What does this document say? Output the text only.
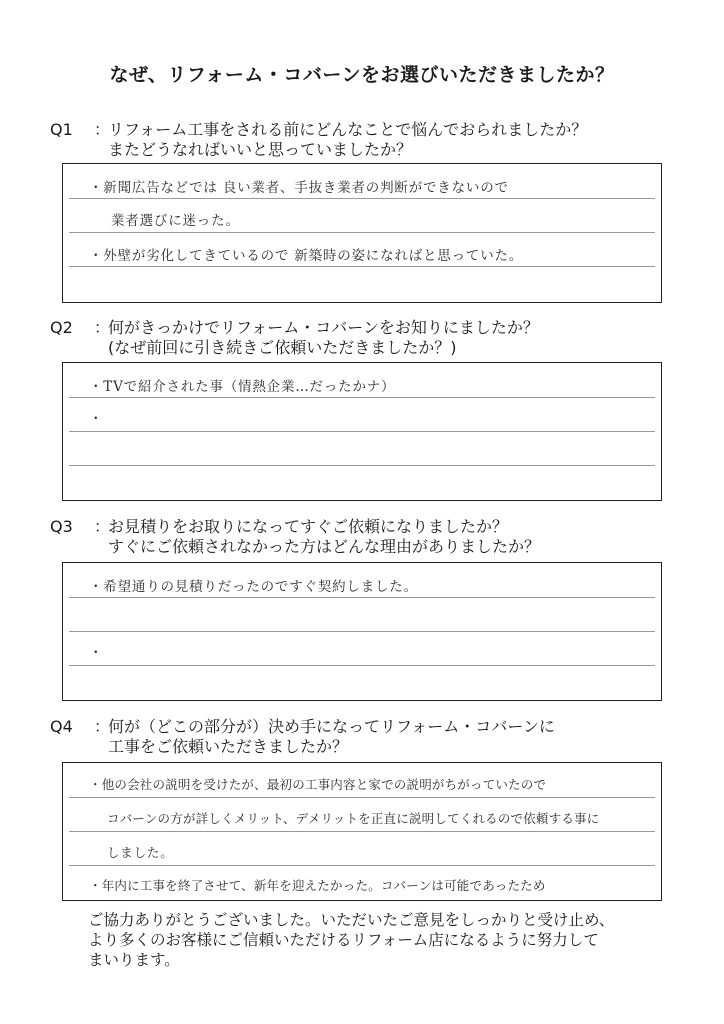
なぜ、リフォーム・コバーンをお選びいただきましたか？
Q1 ：リフォーム工事をされる前にどんなことで悩んでおられましたか？
またどうなればいいと思っていましたか？
・新聞広告などでは 良い業者、手抜き業者の判断ができないので
業者選びに迷った。
・外壁が劣化してきているので 新築時の姿になればと思っていた。
Q2 ：何がきっかけでリフォーム・コバーンをお知りにましたか？
(なぜ前回に引き続きご依頼いただきましたか？)
・TVで紹介された事（情熱企業…だったかナ）
・
Q3 ：お見積りをお取りになってすぐご依頼になりましたか？
すぐにご依頼されなかった方はどんな理由がありましたか？
・希望通りの見積りだったのですぐ契約しました。
・
Q4 ：何が（どこの部分が）決め手になってリフォーム・コバーンに
工事をご依頼いただきましたか？
・他の会社の説明を受けたが、最初の工事内容と家での説明がちがっていたので
コバーンの方が詳しくメリット、デメリットを正直に説明してくれるので依頼する事に
しました。
・年内に工事を終了させて、新年を迎えたかった。コバーンは可能であったため
ご協力ありがとうございました。いただいたご意見をしっかりと受け止め、
より多くのお客様にご信頼いただけるリフォーム店になるように努力して
まいります。
